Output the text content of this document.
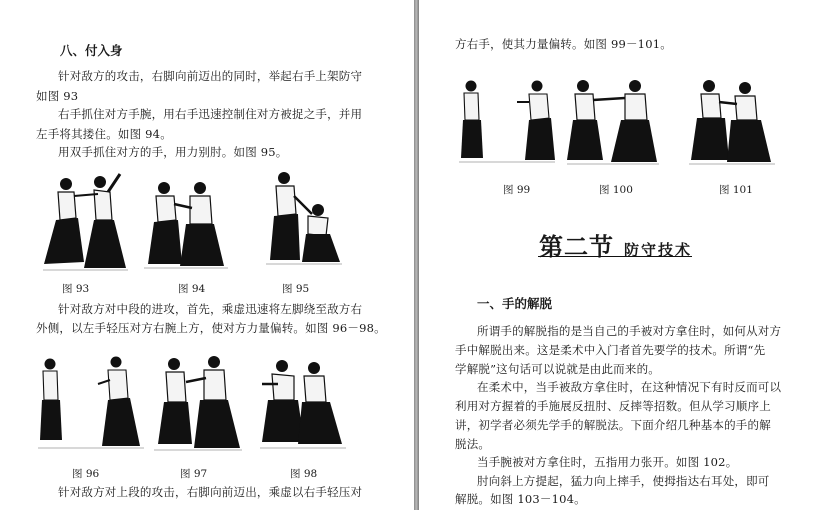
八、付入身
针对敌方的攻击，右脚向前迈出的同时，举起右手上架防守
如图 93
右手抓住对方手腕，用右手迅速控制住对方被捉之手，并用
左手将其搂住。如图 94。
用双手抓住对方的手，用力别肘。如图 95。
图 93	图 94	图 95
针对敌方对中段的进攻，首先，乘虚迅速将左脚绕至敌方右
外侧，以左手轻压对方右腕上方，使对方力量偏转。如图 96－98。
图 96	图 97	图 98
针对敌方对上段的攻击，右脚向前迈出，乘虚以右手轻压对
方右手，使其力量偏转。如图 99－101。
图 99	图 100	图 101
第二节 防守技术
一、手的解脱
所谓手的解脱指的是当自己的手被对方拿住时，如何从对方
手中解脱出来。这是柔术中入门者首先要学的技术。所谓“先
学解脱”这句话可以说就是由此而来的。
在柔术中，当手被敌方拿住时，在这种情况下有时反而可以
利用对方握着的手施展反扭肘、反摔等招数。但从学习顺序上
讲，初学者必须先学手的解脱法。下面介绍几种基本的手的解
脱法。
当手腕被对方拿住时，五指用力张开。如图 102。
肘向斜上方提起，猛力向上摔手，使拇指达右耳处，即可
解脱。如图 103－104。
